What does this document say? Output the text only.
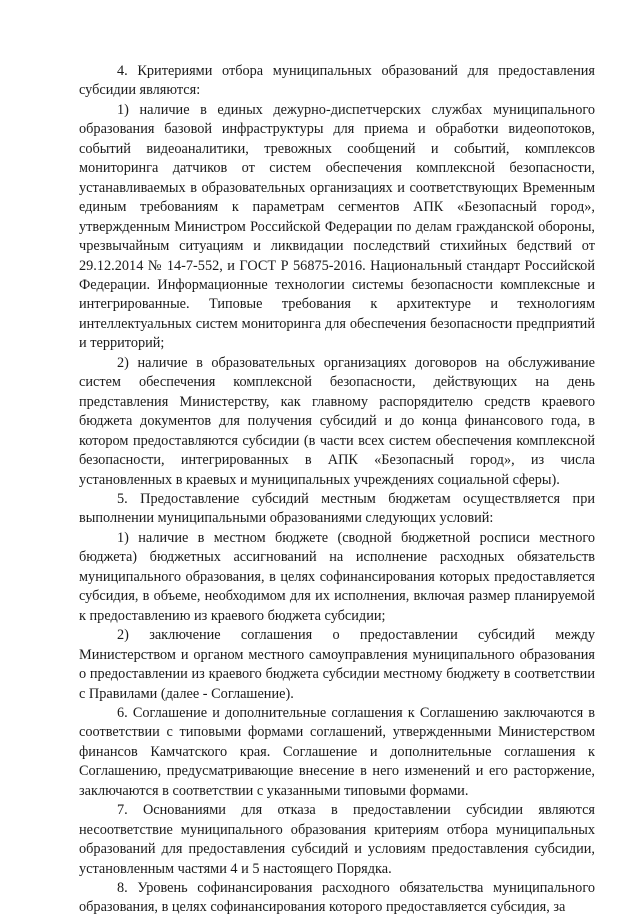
4. Критериями отбора муниципальных образований для предоставления субсидии являются:

1) наличие в единых дежурно-диспетчерских службах муниципального образования базовой инфраструктуры для приема и обработки видеопотоков, событий видеоаналитики, тревожных сообщений и событий, комплексов мониторинга датчиков от систем обеспечения комплексной безопасности, устанавливаемых в образовательных организациях и соответствующих Временным единым требованиям к параметрам сегментов АПК «Безопасный город», утвержденным Министром Российской Федерации по делам гражданской обороны, чрезвычайным ситуациям и ликвидации последствий стихийных бедствий от 29.12.2014 № 14-7-552, и ГОСТ Р 56875-2016. Национальный стандарт Российской Федерации. Информационные технологии системы безопасности комплексные и интегрированные. Типовые требования к архитектуре и технологиям интеллектуальных систем мониторинга для обеспечения безопасности предприятий и территорий;

2) наличие в образовательных организациях договоров на обслуживание систем обеспечения комплексной безопасности, действующих на день представления Министерству, как главному распорядителю средств краевого бюджета документов для получения субсидий и до конца финансового года, в котором предоставляются субсидии (в части всех систем обеспечения комплексной безопасности, интегрированных в АПК «Безопасный город», из числа установленных в краевых и муниципальных учреждениях социальной сферы).

5. Предоставление субсидий местным бюджетам осуществляется при выполнении муниципальными образованиями следующих условий:

1) наличие в местном бюджете (сводной бюджетной росписи местного бюджета) бюджетных ассигнований на исполнение расходных обязательств муниципального образования, в целях софинансирования которых предоставляется субсидия, в объеме, необходимом для их исполнения, включая размер планируемой к предоставлению из краевого бюджета субсидии;

2) заключение соглашения о предоставлении субсидий между Министерством и органом местного самоуправления муниципального образования о предоставлении из краевого бюджета субсидии местному бюджету в соответствии с Правилами (далее - Соглашение).

6. Соглашение и дополнительные соглашения к Соглашению заключаются в соответствии с типовыми формами соглашений, утвержденными Министерством финансов Камчатского края. Соглашение и дополнительные соглашения к Соглашению, предусматривающие внесение в него изменений и его расторжение, заключаются в соответствии с указанными типовыми формами.

7. Основаниями для отказа в предоставлении субсидии являются несоответствие муниципального образования критериям отбора муниципальных образований для предоставления субсидий и условиям предоставления субсидии, установленным частями 4 и 5 настоящего Порядка.

8. Уровень софинансирования расходного обязательства муниципального образования, в целях софинансирования которого предоставляется субсидия, за
